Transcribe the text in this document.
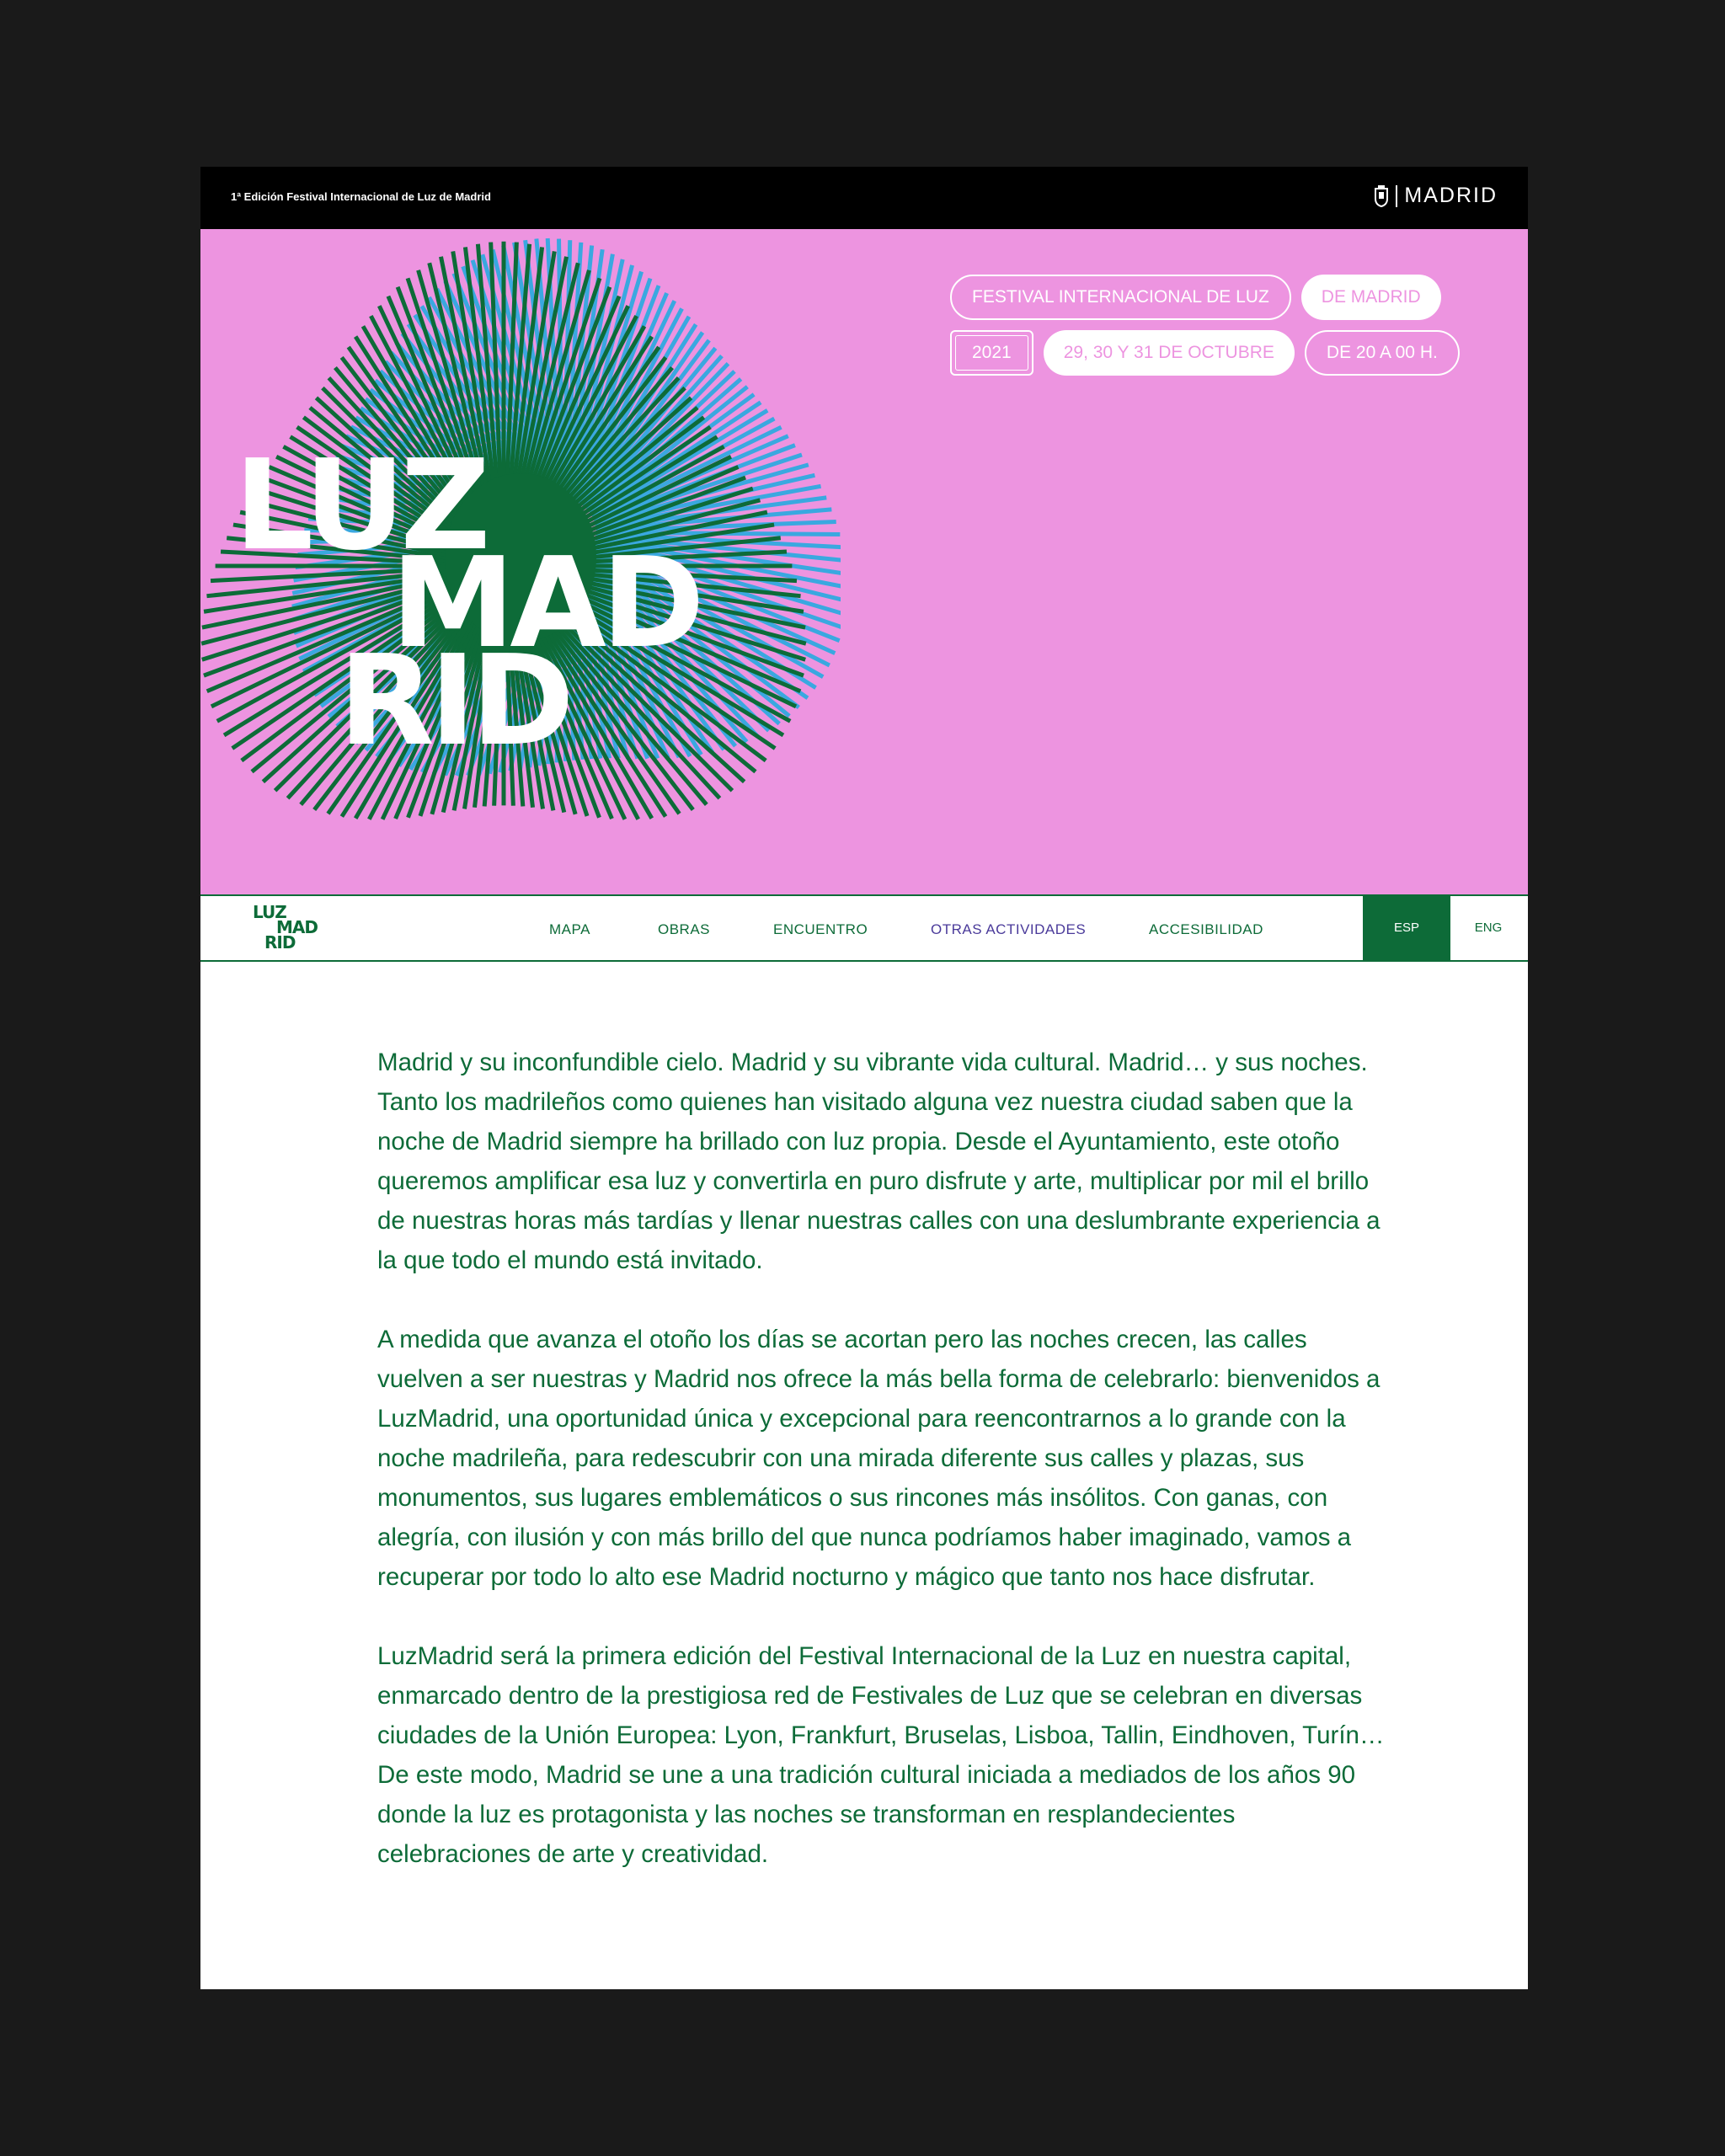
1ª Edición Festival Internacional de Luz de Madrid	MADRID
LUZ
MAD
RID
FESTIVAL INTERNACIONAL DE LUZ	DE MADRID
2021	29, 30 Y 31 DE OCTUBRE	DE 20 A 00 H.
LUZ
MAD
RID
MAPA	OBRAS	ENCUENTRO	OTRAS ACTIVIDADES	ACCESIBILIDAD	ESP	ENG

Madrid y su inconfundible cielo. Madrid y su vibrante vida cultural. Madrid… y sus noches. Tanto los madrileños como quienes han visitado alguna vez nuestra ciudad saben que la noche de Madrid siempre ha brillado con luz propia. Desde el Ayuntamiento, este otoño queremos amplificar esa luz y convertirla en puro disfrute y arte, multiplicar por mil el brillo de nuestras horas más tardías y llenar nuestras calles con una deslumbrante experiencia a la que todo el mundo está invitado.

A medida que avanza el otoño los días se acortan pero las noches crecen, las calles vuelven a ser nuestras y Madrid nos ofrece la más bella forma de celebrarlo: bienvenidos a LuzMadrid, una oportunidad única y excepcional para reencontrarnos a lo grande con la noche madrileña, para redescubrir con una mirada diferente sus calles y plazas, sus monumentos, sus lugares emblemáticos o sus rincones más insólitos. Con ganas, con alegría, con ilusión y con más brillo del que nunca podríamos haber imaginado, vamos a recuperar por todo lo alto ese Madrid nocturno y mágico que tanto nos hace disfrutar.

LuzMadrid será la primera edición del Festival Internacional de la Luz en nuestra capital, enmarcado dentro de la prestigiosa red de Festivales de Luz que se celebran en diversas ciudades de la Unión Europea: Lyon, Frankfurt, Bruselas, Lisboa, Tallin, Eindhoven, Turín… De este modo, Madrid se une a una tradición cultural iniciada a mediados de los años 90 donde la luz es protagonista y las noches se transforman en resplandecientes celebraciones de arte y creatividad.
